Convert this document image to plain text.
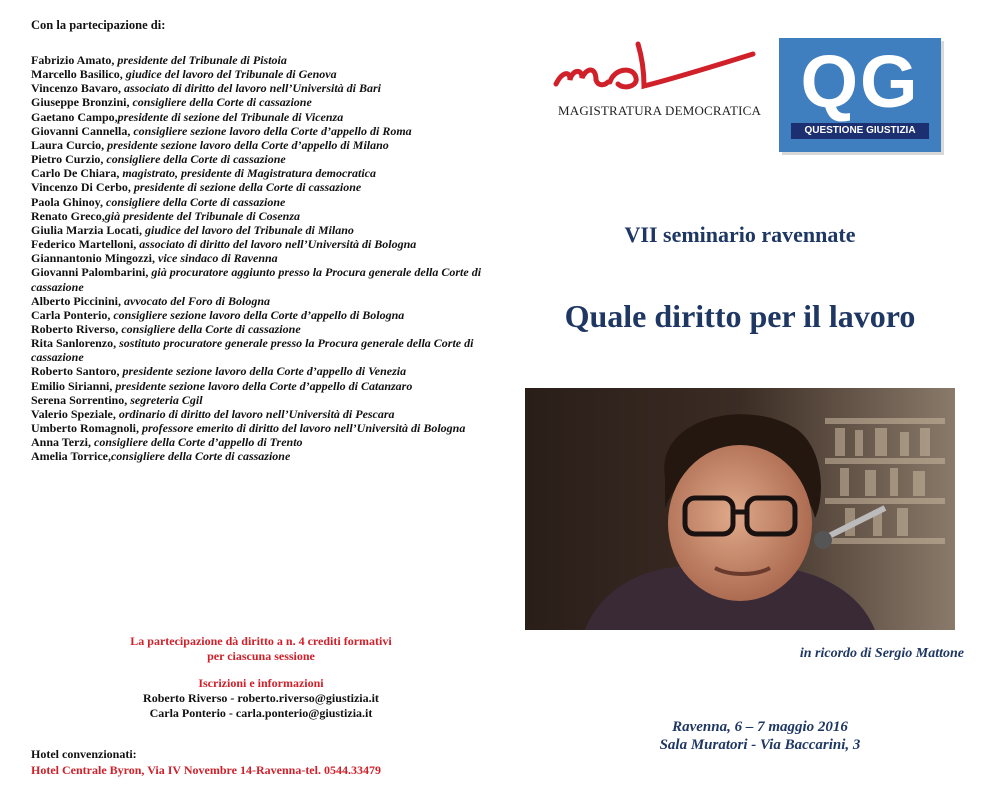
Con la partecipazione di:
Fabrizio Amato, presidente del Tribunale di Pistoia
Marcello Basilico, giudice del lavoro del Tribunale di Genova
Vincenzo Bavaro, associato di diritto del lavoro nell’Università di Bari
Giuseppe Bronzini, consigliere della Corte di cassazione
Gaetano Campo,presidente di sezione del Tribunale di Vicenza
Giovanni Cannella, consigliere sezione lavoro della Corte d’appello di Roma
Laura Curcio, presidente sezione lavoro della Corte d’appello di Milano
Pietro Curzio, consigliere della Corte di cassazione
Carlo De Chiara, magistrato, presidente di Magistratura democratica
Vincenzo Di Cerbo, presidente di sezione della Corte di cassazione
Paola Ghinoy, consigliere della Corte di cassazione
Renato Greco,già presidente del Tribunale di Cosenza
Giulia Marzia Locati, giudice del lavoro del Tribunale di Milano
Federico Martelloni, associato di diritto del lavoro nell’Università di Bologna
Giannantonio Mingozzi, vice sindaco di Ravenna
Giovanni Palombarini, già procuratore aggiunto presso la Procura generale della Corte di cassazione
Alberto Piccinini, avvocato del Foro di Bologna
Carla Ponterio, consigliere sezione lavoro della Corte d’appello di Bologna
Roberto Riverso, consigliere della Corte di cassazione
Rita Sanlorenzo, sostituto procuratore generale presso la Procura generale della Corte di cassazione
Roberto Santoro, presidente sezione lavoro della Corte d’appello di Venezia
Emilio Sirianni, presidente sezione lavoro della Corte d’appello di Catanzaro
Serena Sorrentino, segreteria Cgil
Valerio Speziale, ordinario di diritto del lavoro nell’Università di Pescara
Umberto Romagnoli, professore emerito di diritto del lavoro nell’Università di Bologna
Anna Terzi, consigliere della Corte d’appello di Trento
Amelia Torrice,consigliere della Corte di cassazione
La partecipazione dà diritto a n. 4 crediti formativi
per ciascuna sessione
Iscrizioni e informazioni
Roberto Riverso - roberto.riverso@giustizia.it
Carla Ponterio - carla.ponterio@giustizia.it
Hotel convenzionati:
Hotel Centrale Byron, Via IV Novembre 14-Ravenna-tel. 0544.33479
MAGISTRATURA DEMOCRATICA QG
QUESTIONE GIUSTIZIA
VII seminario ravennate
Quale diritto per il lavoro
in ricordo di Sergio Mattone
Ravenna, 6 – 7 maggio 2016
Sala Muratori - Via Baccarini, 3
